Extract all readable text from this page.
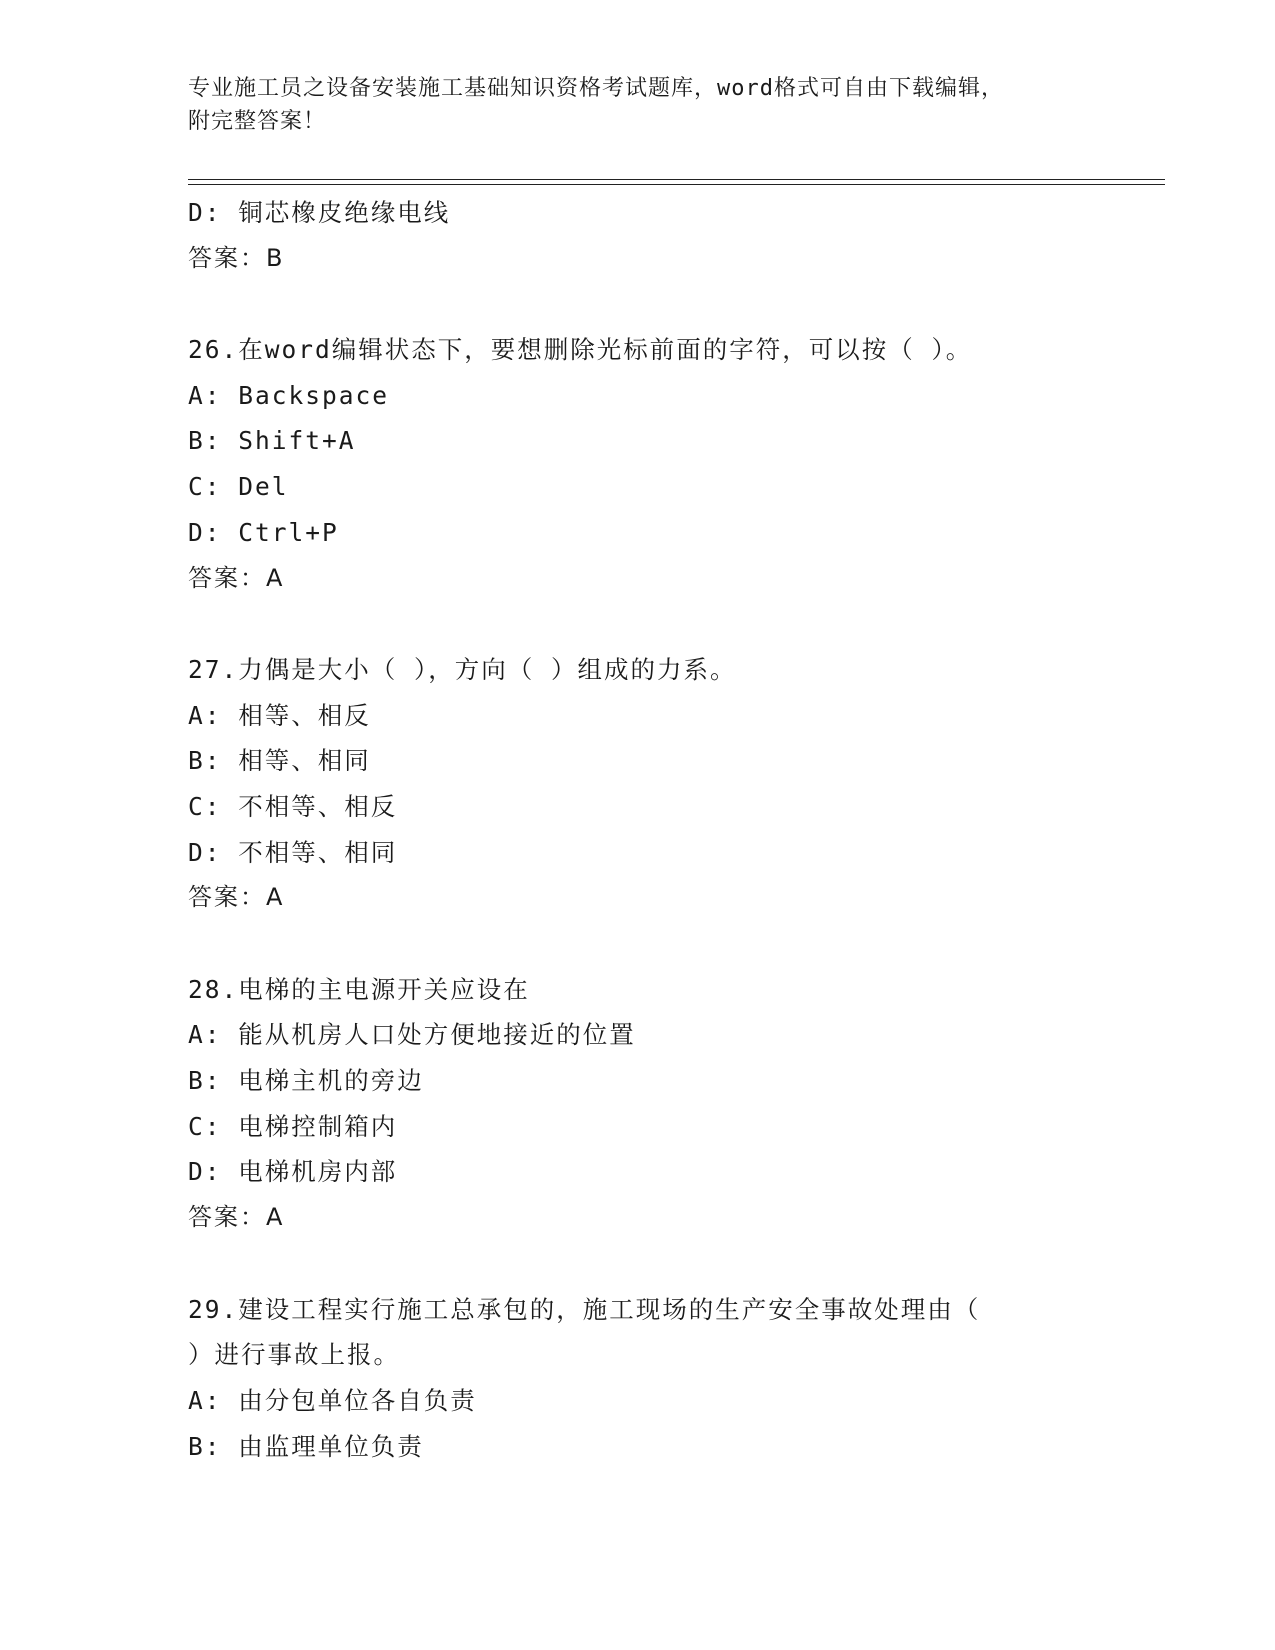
专业施工员之设备安装施工基础知识资格考试题库，word格式可自由下载编辑，
附完整答案！
D: 铜芯橡皮绝缘电线
答案：B
26.在word编辑状态下，要想删除光标前面的字符，可以按（ ）。
A: Backspace
B: Shift+A
C: Del
D: Ctrl+P
答案：A
27.力偶是大小（ ），方向（ ）组成的力系。
A: 相等、相反
B: 相等、相同
C: 不相等、相反
D: 不相等、相同
答案：A
28.电梯的主电源开关应设在
A: 能从机房人口处方便地接近的位置
B: 电梯主机的旁边
C: 电梯控制箱内
D: 电梯机房内部
答案：A
29.建设工程实行施工总承包的，施工现场的生产安全事故处理由（
）进行事故上报。
A: 由分包单位各自负责
B: 由监理单位负责
